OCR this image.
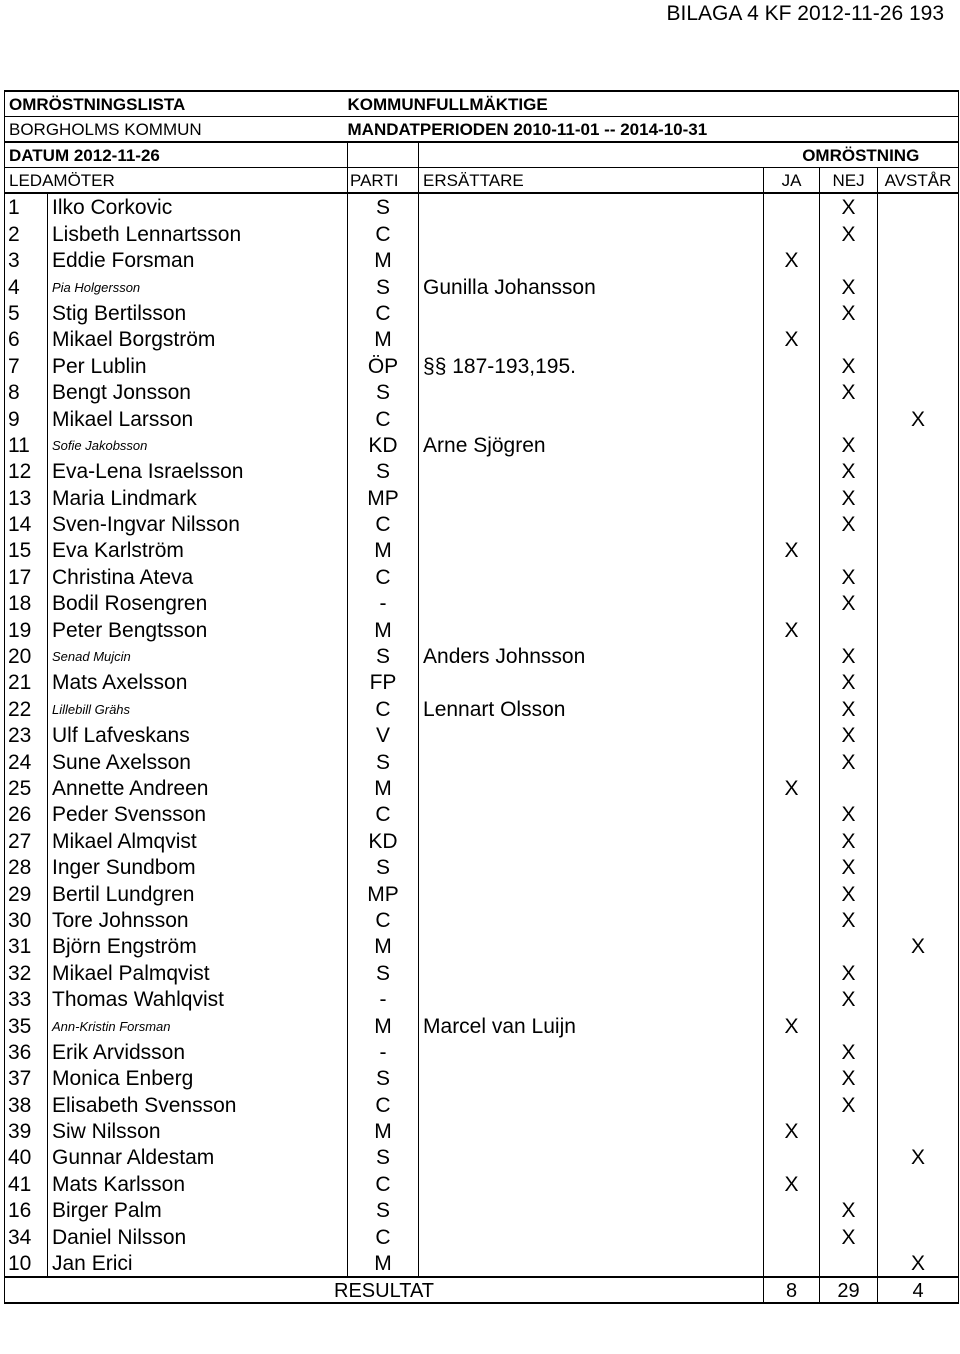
BILAGA 4 KF 2012-11-26 193
OMRÖSTNINGSLISTA		KOMMUNFULLMÄKTIGE				
BORGHOLMS KOMMUN		MANDATPERIODEN 2010-11-01 -- 2014-10-31				
DATUM 2012-11-26				OMRÖSTNING		
LEDAMÖTER		PARTI	ERSÄTTARE	JA	NEJ	AVSTÅR
1	Ilko Corkovic	S			X	
2	Lisbeth Lennartsson	C			X	
3	Eddie Forsman	M		X		
4	Pia Holgersson	S	Gunilla Johansson		X	
5	Stig Bertilsson	C			X	
6	Mikael Borgström	M		X		
7	Per Lublin	ÖP	§§ 187-193,195.		X	
8	Bengt Jonsson	S			X	
9	Mikael Larsson	C				X
11	Sofie Jakobsson	KD	Arne Sjögren		X	
12	Eva-Lena Israelsson	S			X	
13	Maria Lindmark	MP			X	
14	Sven-Ingvar Nilsson	C			X	
15	Eva Karlström	M		X		
17	Christina Ateva	C			X	
18	Bodil Rosengren	-			X	
19	Peter Bengtsson	M		X		
20	Senad Mujcin	S	Anders Johnsson		X	
21	Mats Axelsson	FP			X	
22	Lillebill Grähs	C	Lennart Olsson		X	
23	Ulf Lafveskans	V			X	
24	Sune Axelsson	S			X	
25	Annette Andreen	M		X		
26	Peder Svensson	C			X	
27	Mikael Almqvist	KD			X	
28	Inger Sundbom	S			X	
29	Bertil Lundgren	MP			X	
30	Tore Johnsson	C			X	
31	Björn Engström	M				X
32	Mikael Palmqvist	S			X	
33	Thomas Wahlqvist	-			X	
35	Ann-Kristin Forsman	M	Marcel van Luijn	X		
36	Erik Arvidsson	-			X	
37	Monica Enberg	S			X	
38	Elisabeth Svensson	C			X	
39	Siw Nilsson	M		X		
40	Gunnar Aldestam	S				X
41	Mats Karlsson	C		X		
16	Birger Palm	S			X	
34	Daniel Nilsson	C			X	
10	Jan Erici	M				X
RESULTAT				8	29	4
